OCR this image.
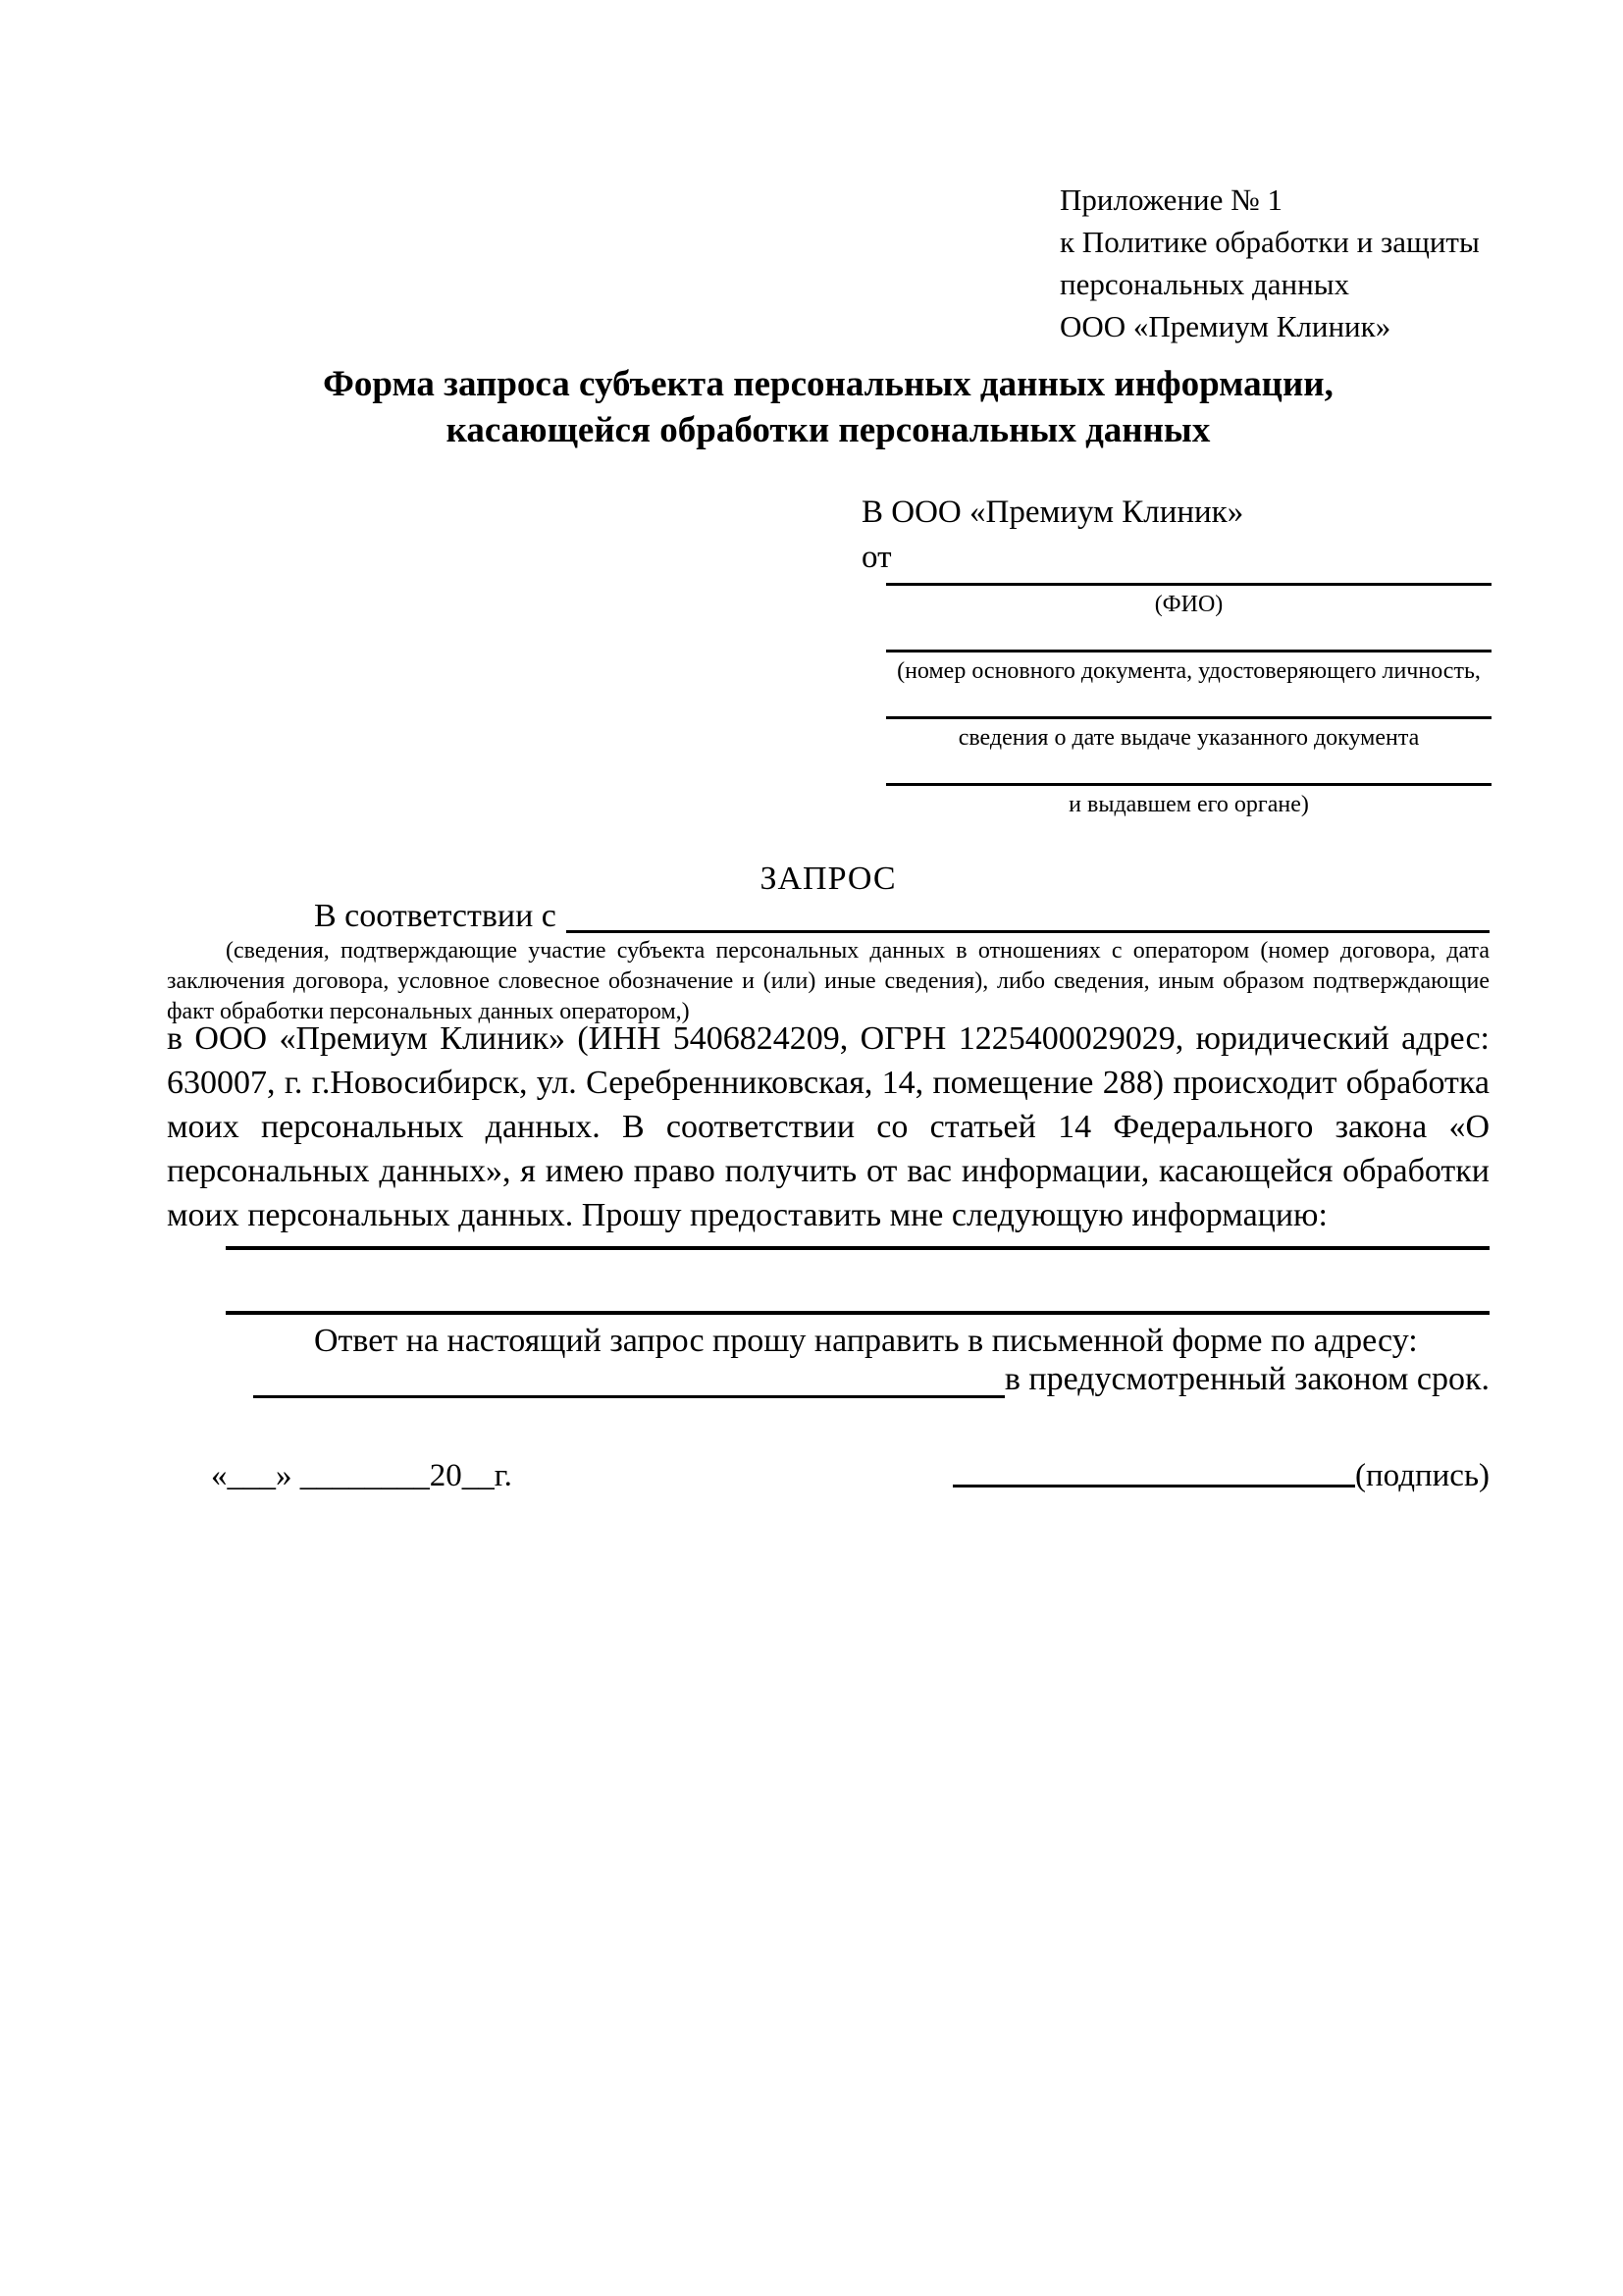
Приложение № 1
к Политике обработки и защиты
персональных данных
ООО «Премиум Клиник»
Форма запроса субъекта персональных данных информации,
касающейся обработки персональных данных
В ООО «Премиум Клиник»
от
(ФИО)
(номер основного документа, удостоверяющего личность,
сведения о дате выдаче указанного документа
и выдавшем его органе)
ЗАПРОС
В соответствии с
(сведения, подтверждающие участие субъекта персональных данных в отношениях с оператором (номер договора, дата заключения договора, условное словесное обозначение и (или) иные сведения), либо сведения, иным образом подтверждающие факт обработки персональных данных оператором,)
в ООО «Премиум Клиник» (ИНН 5406824209, ОГРН 1225400029029, юридический адрес: 630007, г. г.Новосибирск, ул. Серебренниковская, 14, помещение 288) происходит обработка моих персональных данных. В соответствии со статьей 14 Федерального закона «О персональных данных», я имею право получить от вас информации, касающейся обработки моих персональных данных. Прошу предоставить мне следующую информацию:
Ответ на настоящий запрос прошу направить в письменной форме по адресу:
в предусмотренный законом срок.
«___» ________20__г.	(подпись)
